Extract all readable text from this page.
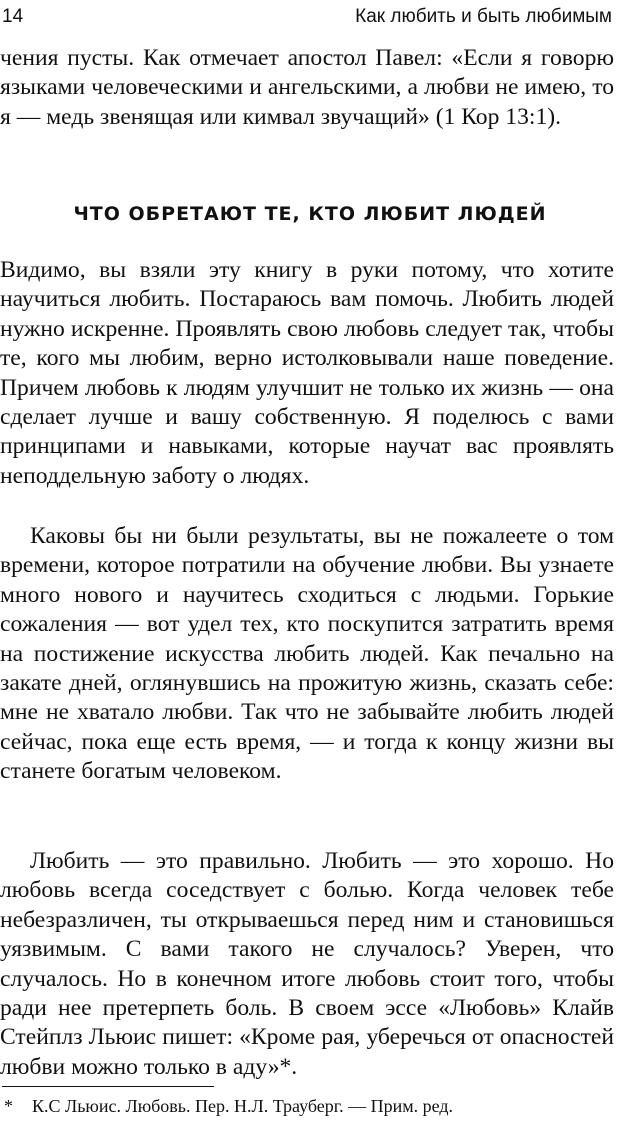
14	Как любить и быть любимым

чения пусты. Как отмечает апостол Павел: «Если я говорю языками человеческими и ангельскими, а любви не имею, то я — медь звенящая или кимвал звучащий» (1 Кор 13:1).

ЧТО ОБРЕТАЮТ ТЕ, КТО ЛЮБИТ ЛЮДЕЙ

Видимо, вы взяли эту книгу в руки потому, что хотите научиться любить. Постараюсь вам помочь. Любить людей нужно искренне. Проявлять свою любовь следует так, чтобы те, кого мы любим, верно истолковывали наше поведение. Причем любовь к людям улучшит не только их жизнь — она сделает лучше и вашу собственную. Я поделюсь с вами принципами и навыками, которые научат вас проявлять неподдельную заботу о людях.

Каковы бы ни были результаты, вы не пожалеете о том времени, которое потратили на обучение любви. Вы узнаете много нового и научитесь сходиться с людьми. Горькие сожаления — вот удел тех, кто поскупится затратить время на постижение искусства любить людей. Как печально на закате дней, оглянувшись на прожитую жизнь, сказать себе: мне не хватало любви. Так что не забывайте любить людей сейчас, пока еще есть время, — и тогда к концу жизни вы станете богатым человеком.

Любить — это правильно. Любить — это хорошо. Но любовь всегда соседствует с болью. Когда человек тебе небезразличен, ты открываешься перед ним и становишься уязвимым. С вами такого не случалось? Уверен, что случалось. Но в конечном итоге любовь стоит того, чтобы ради нее претерпеть боль. В своем эссе «Любовь» Клайв Стейплз Льюис пишет: «Кроме рая, уберечься от опасностей любви можно только в аду»*.

* К.С Льюис. Любовь. Пер. Н.Л. Трауберг. — Прим. ред.
